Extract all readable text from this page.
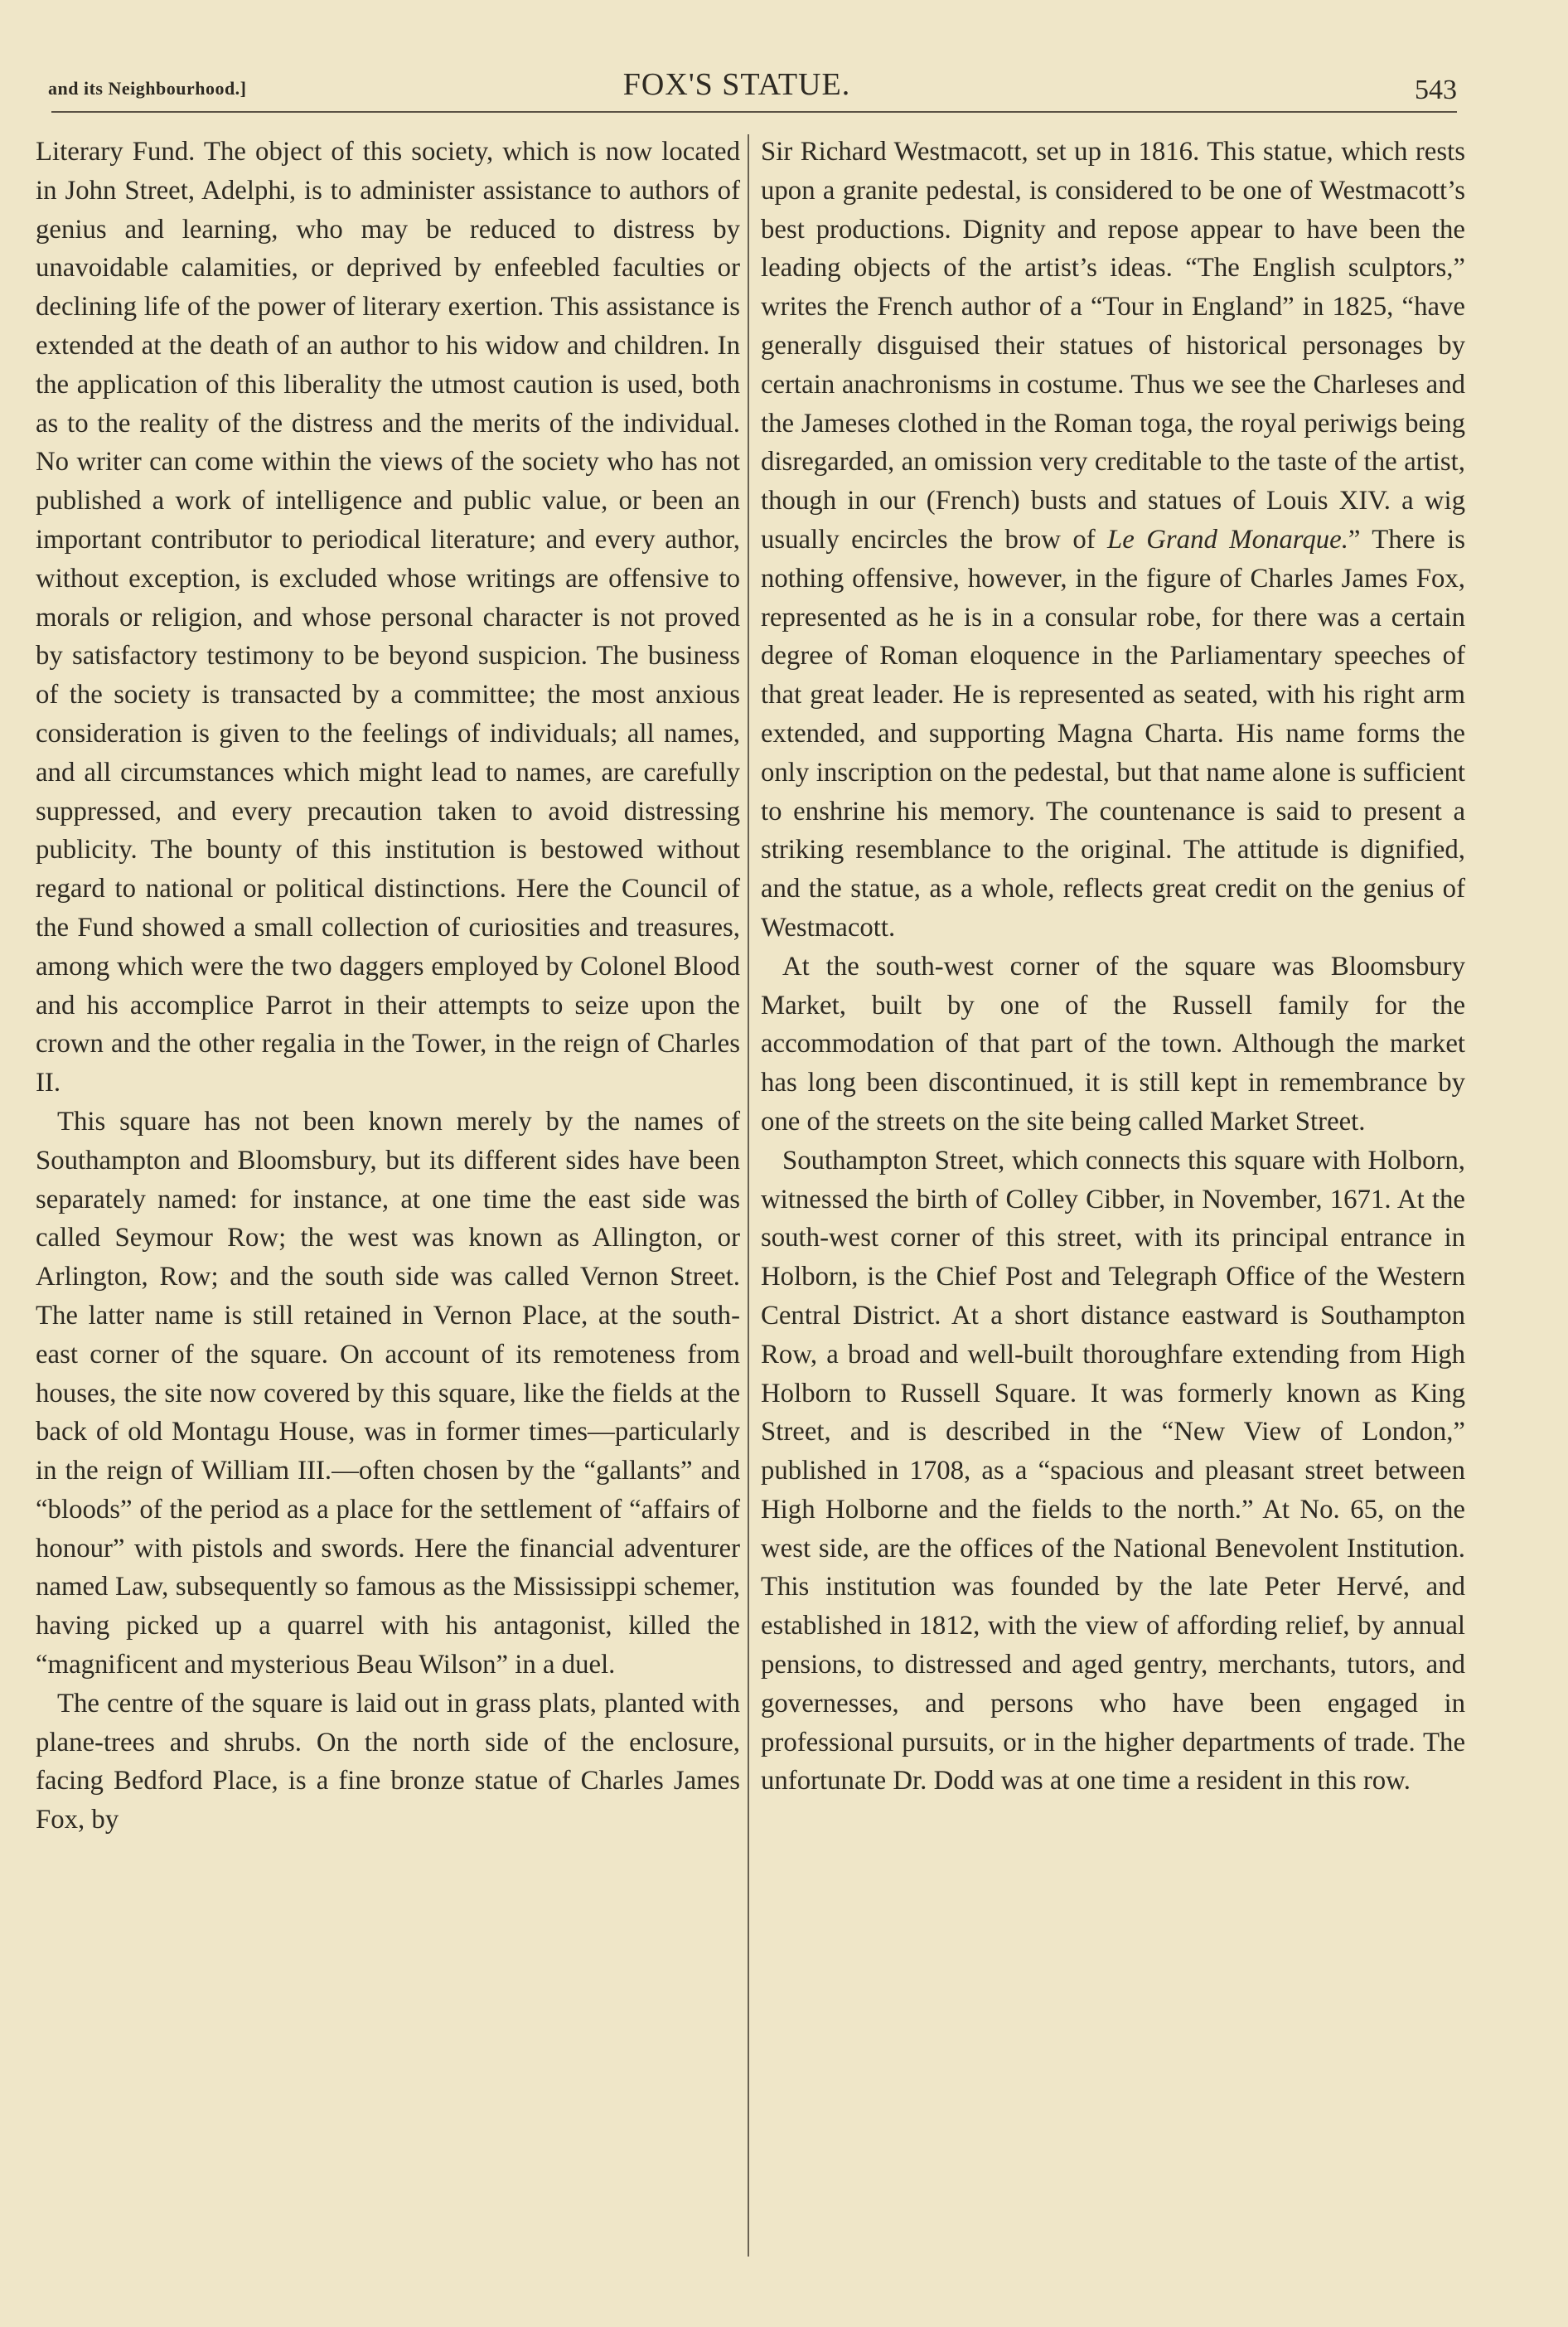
and its Neighbourhood.]	FOX'S STATUE.	543

Literary Fund. The object of this society, which is now located in John Street, Adelphi, is to administer assistance to authors of genius and learning, who may be reduced to distress by unavoidable calamities, or deprived by enfeebled faculties or declining life of the power of literary exertion. This assistance is extended at the death of an author to his widow and children. In the application of this liberality the utmost caution is used, both as to the reality of the distress and the merits of the individual. No writer can come within the views of the society who has not published a work of intelligence and public value, or been an important contributor to periodical literature; and every author, without exception, is excluded whose writings are offensive to morals or religion, and whose personal character is not proved by satisfactory testimony to be beyond suspicion. The business of the society is transacted by a committee; the most anxious consideration is given to the feelings of individuals; all names, and all circumstances which might lead to names, are carefully suppressed, and every precaution taken to avoid distressing publicity. The bounty of this institution is bestowed without regard to national or political distinctions. Here the Council of the Fund showed a small collection of curiosities and treasures, among which were the two daggers employed by Colonel Blood and his accomplice Parrot in their attempts to seize upon the crown and the other regalia in the Tower, in the reign of Charles II.

This square has not been known merely by the names of Southampton and Bloomsbury, but its different sides have been separately named: for instance, at one time the east side was called Seymour Row; the west was known as Allington, or Arlington, Row; and the south side was called Vernon Street. The latter name is still retained in Vernon Place, at the south-east corner of the square. On account of its remoteness from houses, the site now covered by this square, like the fields at the back of old Montagu House, was in former times—particularly in the reign of William III.—often chosen by the “gallants” and “bloods” of the period as a place for the settlement of “affairs of honour” with pistols and swords. Here the financial adventurer named Law, subsequently so famous as the Mississippi schemer, having picked up a quarrel with his antagonist, killed the “magnificent and mysterious Beau Wilson” in a duel.

The centre of the square is laid out in grass plats, planted with plane-trees and shrubs. On the north side of the enclosure, facing Bedford Place, is a fine bronze statue of Charles James Fox, by

Sir Richard Westmacott, set up in 1816. This statue, which rests upon a granite pedestal, is considered to be one of Westmacott’s best productions. Dignity and repose appear to have been the leading objects of the artist’s ideas. “The English sculptors,” writes the French author of a “Tour in England” in 1825, “have generally disguised their statues of historical personages by certain anachronisms in costume. Thus we see the Charleses and the Jameses clothed in the Roman toga, the royal periwigs being disregarded, an omission very creditable to the taste of the artist, though in our (French) busts and statues of Louis XIV. a wig usually encircles the brow of Le Grand Monarque.” There is nothing offensive, however, in the figure of Charles James Fox, represented as he is in a consular robe, for there was a certain degree of Roman eloquence in the Parliamentary speeches of that great leader. He is represented as seated, with his right arm extended, and supporting Magna Charta. His name forms the only inscription on the pedestal, but that name alone is sufficient to enshrine his memory. The countenance is said to present a striking resemblance to the original. The attitude is dignified, and the statue, as a whole, reflects great credit on the genius of Westmacott.

At the south-west corner of the square was Bloomsbury Market, built by one of the Russell family for the accommodation of that part of the town. Although the market has long been discontinued, it is still kept in remembrance by one of the streets on the site being called Market Street.

Southampton Street, which connects this square with Holborn, witnessed the birth of Colley Cibber, in November, 1671. At the south-west corner of this street, with its principal entrance in Holborn, is the Chief Post and Telegraph Office of the Western Central District. At a short distance eastward is Southampton Row, a broad and well-built thoroughfare extending from High Holborn to Russell Square. It was formerly known as King Street, and is described in the “New View of London,” published in 1708, as a “spacious and pleasant street between High Holborne and the fields to the north.” At No. 65, on the west side, are the offices of the National Benevolent Institution. This institution was founded by the late Peter Hervé, and established in 1812, with the view of affording relief, by annual pensions, to distressed and aged gentry, merchants, tutors, and governesses, and persons who have been engaged in professional pursuits, or in the higher departments of trade. The unfortunate Dr. Dodd was at one time a resident in this row.
